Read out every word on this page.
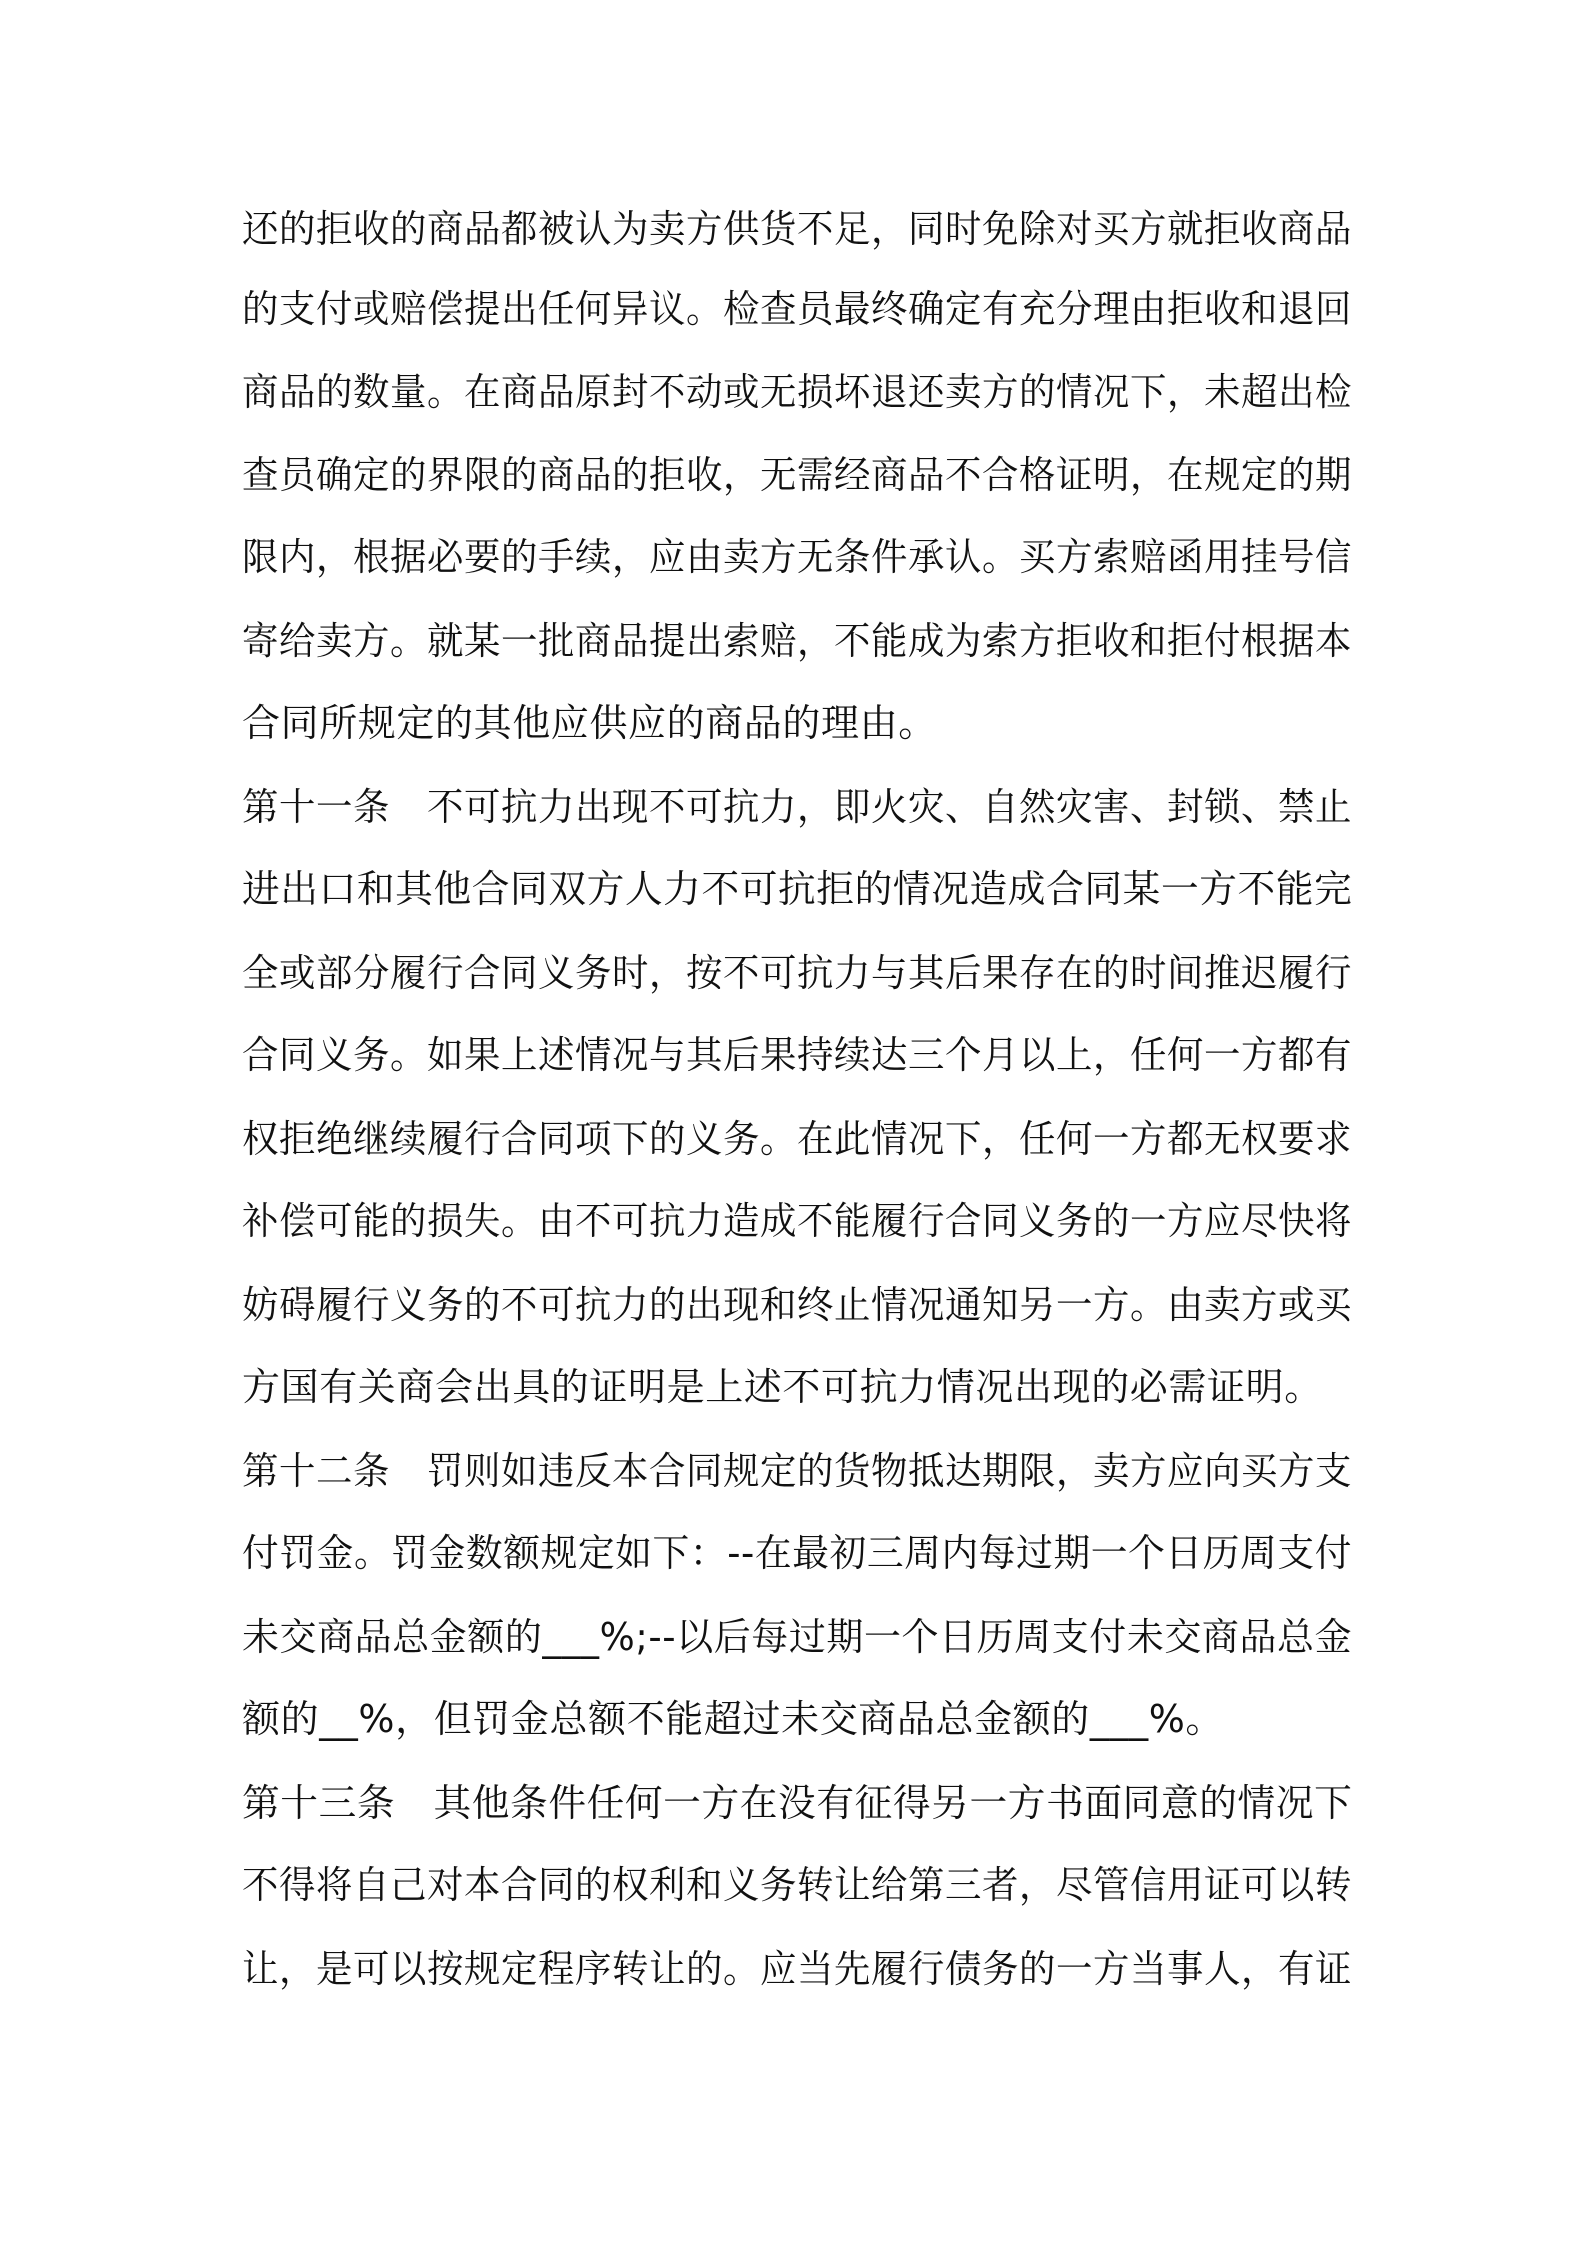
还的拒收的商品都被认为卖方供货不足，同时免除对买方就拒收商品
的支付或赔偿提出任何异议。检查员最终确定有充分理由拒收和退回
商品的数量。在商品原封不动或无损坏退还卖方的情况下，未超出检
查员确定的界限的商品的拒收，无需经商品不合格证明，在规定的期
限内，根据必要的手续，应由卖方无条件承认。买方索赔函用挂号信
寄给卖方。就某一批商品提出索赔，不能成为索方拒收和拒付根据本
合同所规定的其他应供应的商品的理由。
第十一条　不可抗力出现不可抗力，即火灾、自然灾害、封锁、禁止
进出口和其他合同双方人力不可抗拒的情况造成合同某一方不能完
全或部分履行合同义务时，按不可抗力与其后果存在的时间推迟履行
合同义务。如果上述情况与其后果持续达三个月以上，任何一方都有
权拒绝继续履行合同项下的义务。在此情况下，任何一方都无权要求
补偿可能的损失。由不可抗力造成不能履行合同义务的一方应尽快将
妨碍履行义务的不可抗力的出现和终止情况通知另一方。由卖方或买
方国有关商会出具的证明是上述不可抗力情况出现的必需证明。
第十二条　罚则如违反本合同规定的货物抵达期限，卖方应向买方支
付罚金。罚金数额规定如下：--在最初三周内每过期一个日历周支付
未交商品总金额的___%;--以后每过期一个日历周支付未交商品总金
额的__%，但罚金总额不能超过未交商品总金额的___%。
第十三条　其他条件任何一方在没有征得另一方书面同意的情况下
不得将自己对本合同的权利和义务转让给第三者，尽管信用证可以转
让，是可以按规定程序转让的。应当先履行债务的一方当事人，有证
